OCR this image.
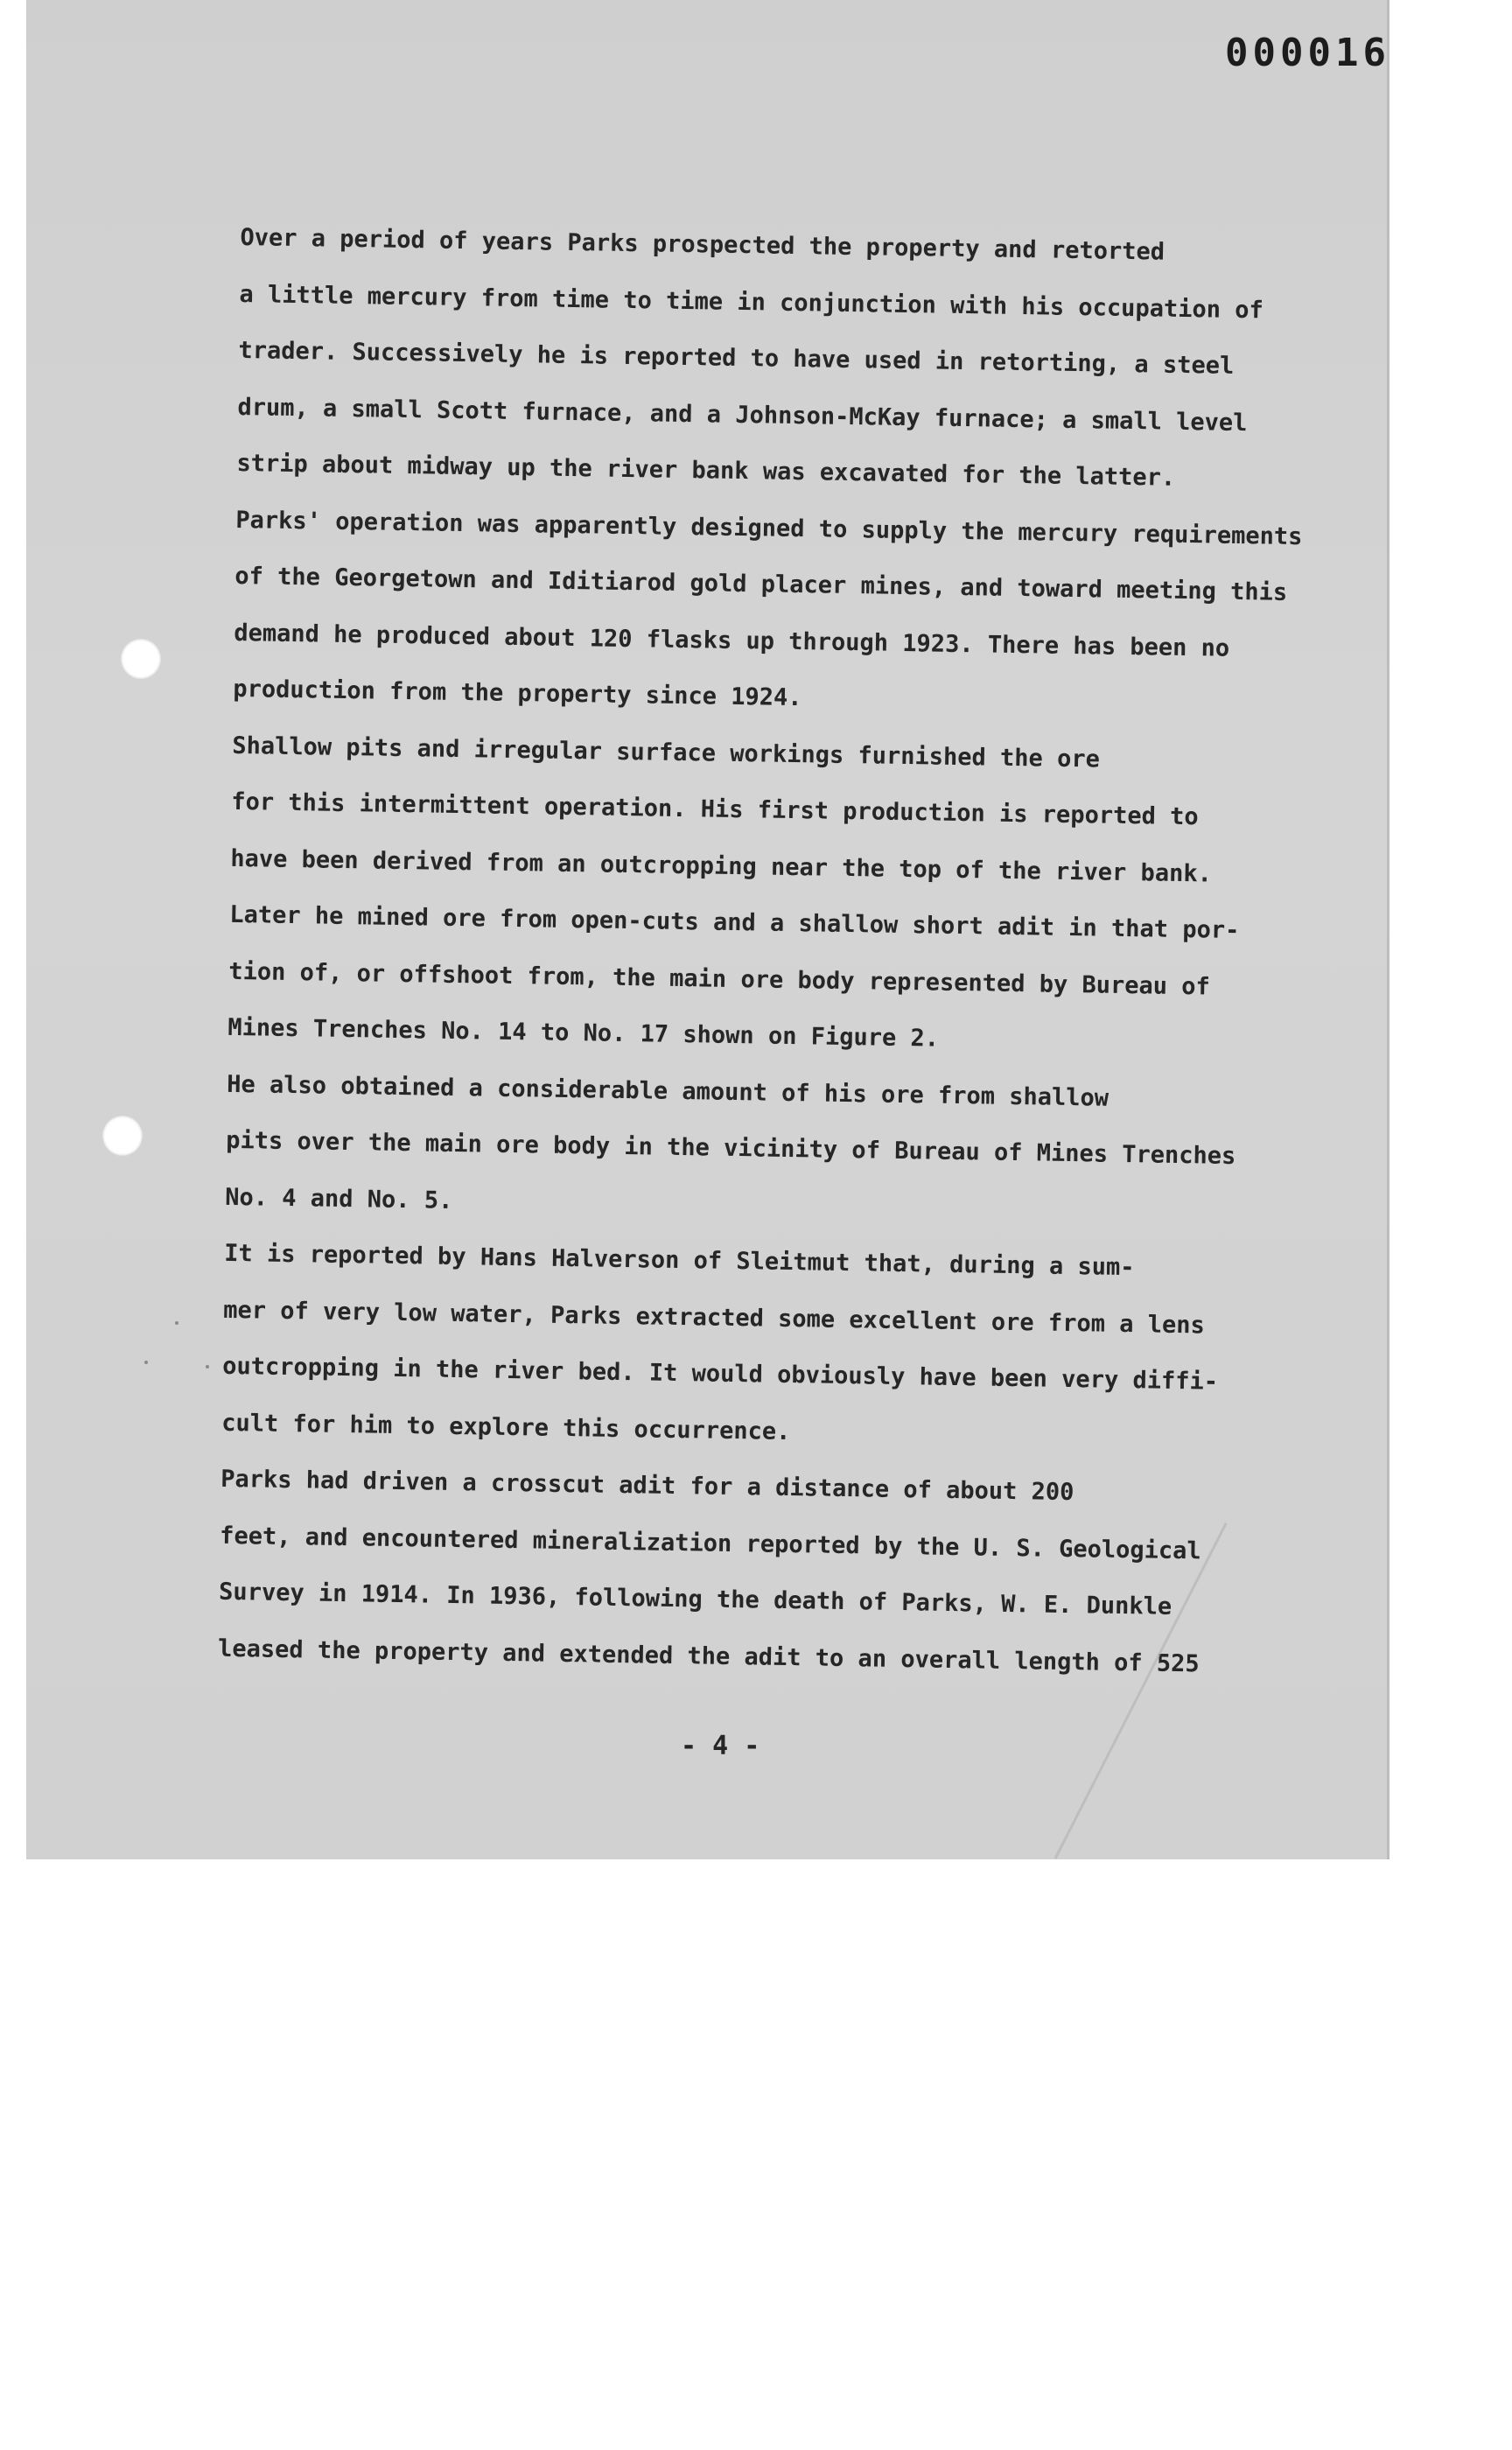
000016

Over a period of years Parks prospected the property and retorted
a little mercury from time to time in conjunction with his occupation of
trader. Successively he is reported to have used in retorting, a steel
drum, a small Scott furnace, and a Johnson-McKay furnace; a small level
strip about midway up the river bank was excavated for the latter.
Parks' operation was apparently designed to supply the mercury requirements
of the Georgetown and Iditiarod gold placer mines, and toward meeting this
demand he produced about 120 flasks up through 1923. There has been no
production from the property since 1924.

Shallow pits and irregular surface workings furnished the ore
for this intermittent operation. His first production is reported to
have been derived from an outcropping near the top of the river bank.
Later he mined ore from open-cuts and a shallow short adit in that por-
tion of, or offshoot from, the main ore body represented by Bureau of
Mines Trenches No. 14 to No. 17 shown on Figure 2.

He also obtained a considerable amount of his ore from shallow
pits over the main ore body in the vicinity of Bureau of Mines Trenches
No. 4 and No. 5.

It is reported by Hans Halverson of Sleitmut that, during a sum-
mer of very low water, Parks extracted some excellent ore from a lens
outcropping in the river bed. It would obviously have been very diffi-
cult for him to explore this occurrence.

Parks had driven a crosscut adit for a distance of about 200
feet, and encountered mineralization reported by the U. S. Geological
Survey in 1914. In 1936, following the death of Parks, W. E. Dunkle
leased the property and extended the adit to an overall length of 525

- 4 -
